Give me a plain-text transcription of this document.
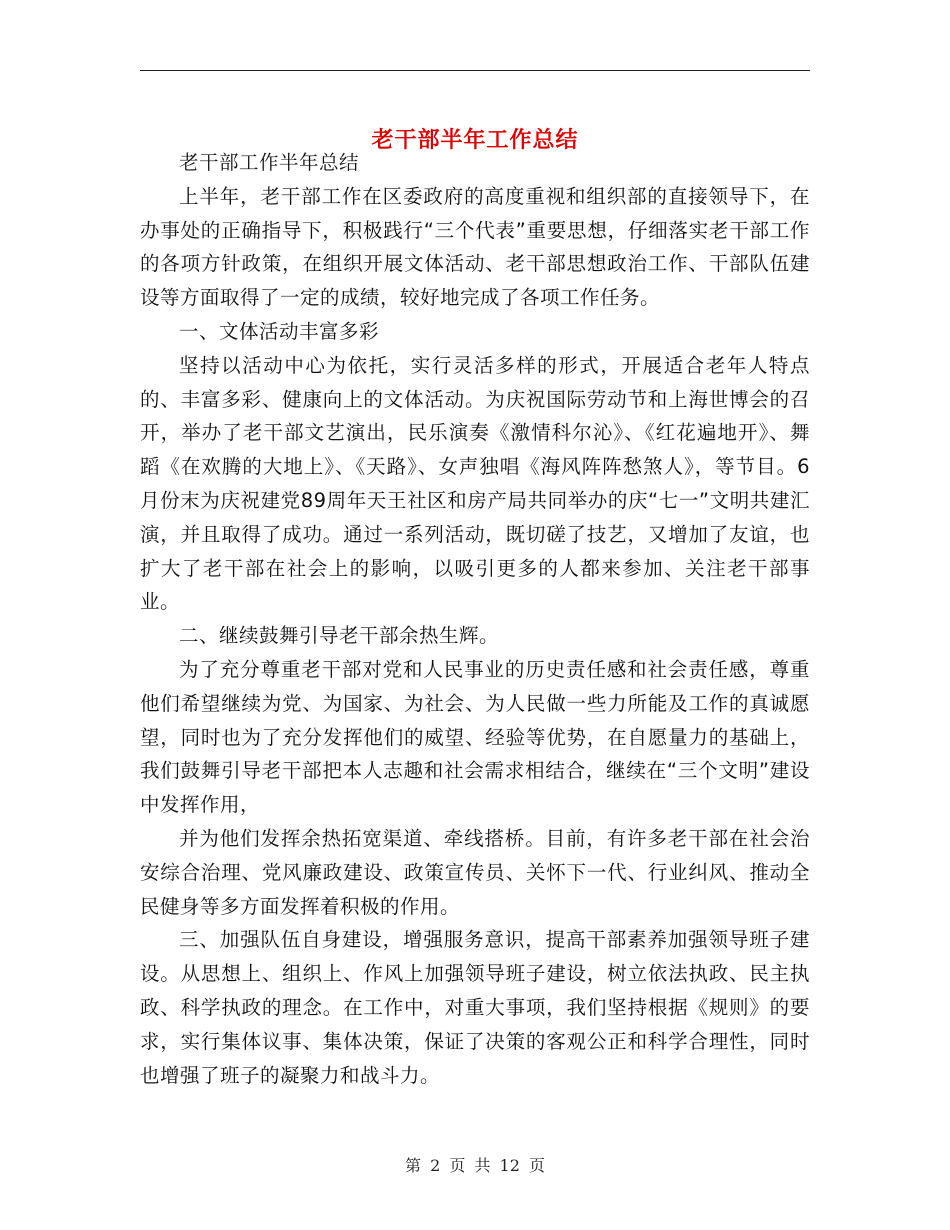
老干部半年工作总结

老干部工作半年总结

上半年，老干部工作在区委政府的高度重视和组织部的直接领导下，在办事处的正确指导下，积极践行“三个代表”重要思想，仔细落实老干部工作的各项方针政策，在组织开展文体活动、老干部思想政治工作、干部队伍建设等方面取得了一定的成绩，较好地完成了各项工作任务。

一、文体活动丰富多彩

坚持以活动中心为依托，实行灵活多样的形式，开展适合老年人特点的、丰富多彩、健康向上的文体活动。为庆祝国际劳动节和上海世博会的召开，举办了老干部文艺演出，民乐演奏《激情科尔沁》、《红花遍地开》、舞蹈《在欢腾的大地上》、《天路》、女声独唱《海风阵阵愁煞人》，等节目。6月份末为庆祝建党89周年天王社区和房产局共同举办的庆“七一”文明共建汇演，并且取得了成功。通过一系列活动，既切磋了技艺，又增加了友谊，也扩大了老干部在社会上的影响，以吸引更多的人都来参加、关注老干部事业。

二、继续鼓舞引导老干部余热生辉。

为了充分尊重老干部对党和人民事业的历史责任感和社会责任感，尊重他们希望继续为党、为国家、为社会、为人民做一些力所能及工作的真诚愿望，同时也为了充分发挥他们的威望、经验等优势，在自愿量力的基础上，我们鼓舞引导老干部把本人志趣和社会需求相结合，继续在“三个文明”建设中发挥作用，

并为他们发挥余热拓宽渠道、牵线搭桥。目前，有许多老干部在社会治安综合治理、党风廉政建设、政策宣传员、关怀下一代、行业纠风、推动全民健身等多方面发挥着积极的作用。

三、加强队伍自身建设，增强服务意识，提高干部素养加强领导班子建设。从思想上、组织上、作风上加强领导班子建设，树立依法执政、民主执政、科学执政的理念。在工作中，对重大事项，我们坚持根据《规则》的要求，实行集体议事、集体决策，保证了决策的客观公正和科学合理性，同时也增强了班子的凝聚力和战斗力。

第 2 页 共 12 页
